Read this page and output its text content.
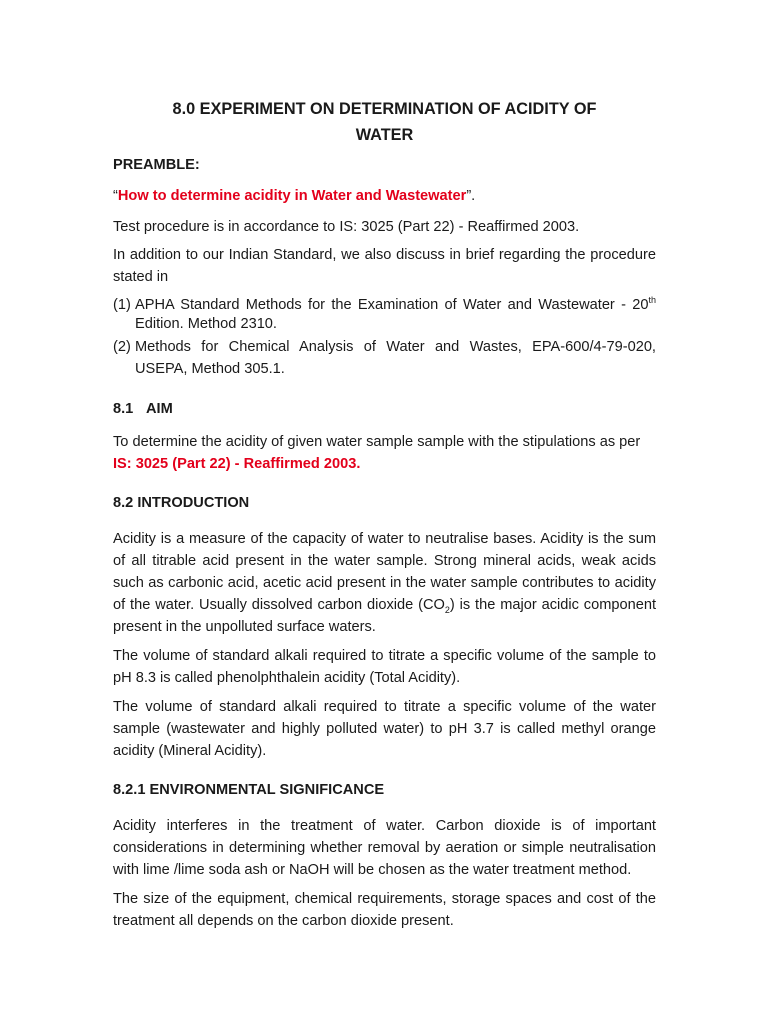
8.0 EXPERIMENT ON DETERMINATION OF ACIDITY OF
WATER

PREAMBLE:

“How to determine acidity in Water and Wastewater”.

Test procedure is in accordance to IS: 3025 (Part 22) - Reaffirmed 2003.

In addition to our Indian Standard, we also discuss in brief regarding the procedure stated in

(1) APHA Standard Methods for the Examination of Water and Wastewater - 20th Edition. Method 2310.
(2) Methods for Chemical Analysis of Water and Wastes, EPA-600/4-79-020, USEPA, Method 305.1.

8.1 AIM

To determine the acidity of given water sample sample with the stipulations as per IS: 3025 (Part 22) - Reaffirmed 2003.

8.2 INTRODUCTION

Acidity is a measure of the capacity of water to neutralise bases. Acidity is the sum of all titrable acid present in the water sample. Strong mineral acids, weak acids such as carbonic acid, acetic acid present in the water sample contributes to acidity of the water. Usually dissolved carbon dioxide $(CO_2)$ is the major acidic component present in the unpolluted surface waters.

The volume of standard alkali required to titrate a specific volume of the sample to pH 8.3 is called phenolphthalein acidity (Total Acidity).

The volume of standard alkali required to titrate a specific volume of the water sample (wastewater and highly polluted water) to pH 3.7 is called methyl orange acidity (Mineral Acidity).

8.2.1 ENVIRONMENTAL SIGNIFICANCE

Acidity interferes in the treatment of water. Carbon dioxide is of important considerations in determining whether removal by aeration or simple neutralisation with lime /lime soda ash or NaOH will be chosen as the water treatment method.

The size of the equipment, chemical requirements, storage spaces and cost of the treatment all depends on the carbon dioxide present.
